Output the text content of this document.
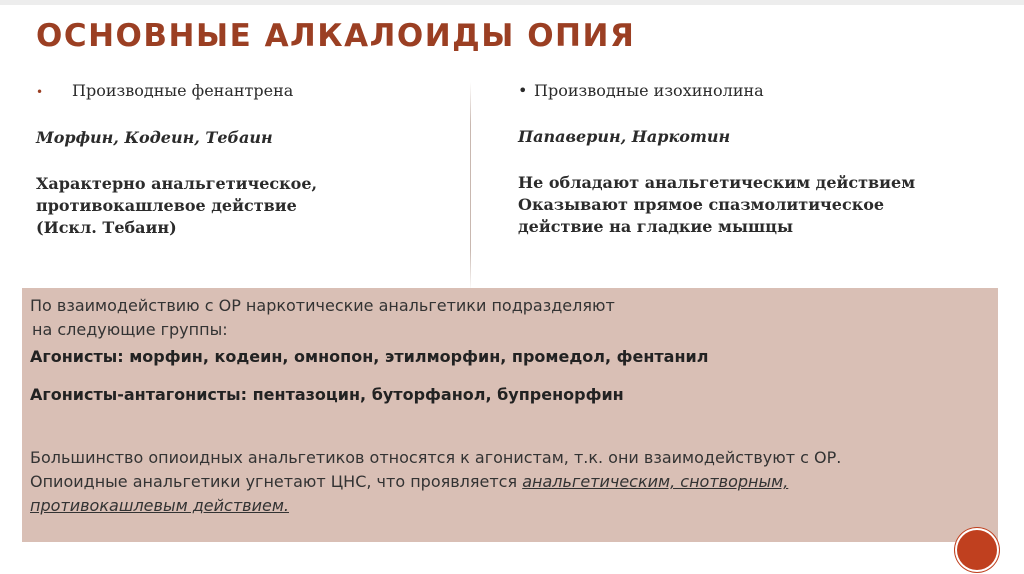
ОСНОВНЫЕ АЛКАЛОИДЫ ОПИЯ
•	Производные фенантрена
Морфин, Кодеин, Тебаин
Характерно анальгетическое,
противокашлевое действие
(Искл. Тебаин)
• Производные изохинолина
Папаверин, Наркотин
Не обладают анальгетическим действием
Оказывают прямое спазмолитическое
действие на гладкие мышцы
По взаимодействию с ОР наркотические анальгетики подразделяют
на следующие группы:
Агонисты: морфин, кодеин, омнопон, этилморфин, промедол, фентанил
Агонисты-антагонисты: пентазоцин, буторфанол, бупренорфин
Большинство опиоидных анальгетиков относятся к агонистам, т.к. они взаимодействуют с ОР.
Опиоидные анальгетики угнетают ЦНС, что проявляется анальгетическим, снотворным,
противокашлевым действием.
